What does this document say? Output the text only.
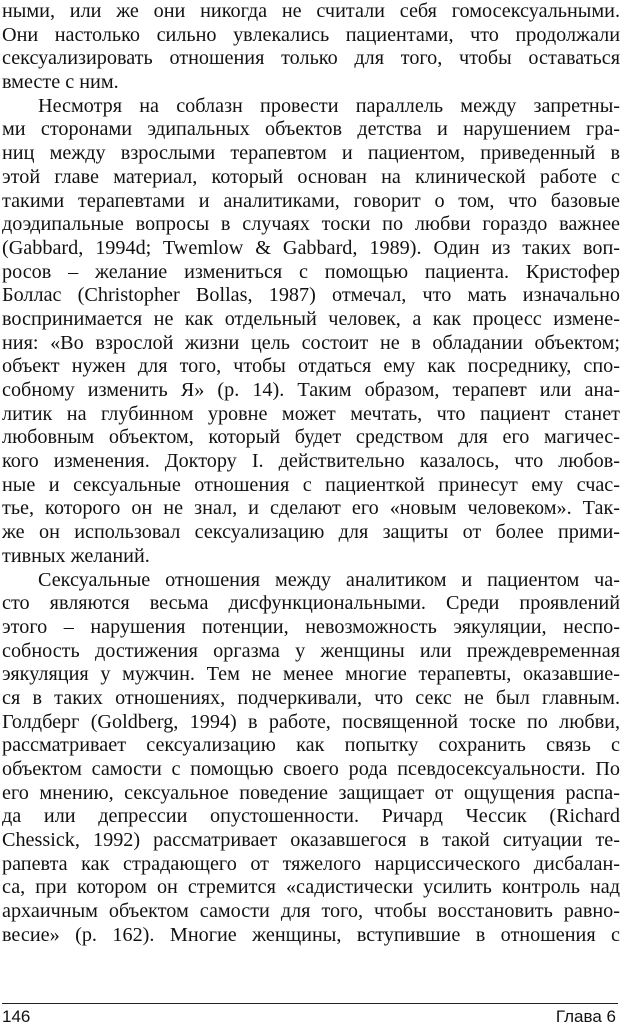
ными, или же они никогда не считали себя гомосексуальными.
Они настолько сильно увлекались пациентами, что продолжали
сексуализировать отношения только для того, чтобы оставаться
вместе с ним.
Несмотря на соблазн провести параллель между запретны-
ми сторонами эдипальных объектов детства и нарушением гра-
ниц между взрослыми терапевтом и пациентом, приведенный в
этой главе материал, который основан на клинической работе с
такими терапевтами и аналитиками, говорит о том, что базовые
доэдипальные вопросы в случаях тоски по любви гораздо важнее
(Gabbard, 1994d; Twemlow & Gabbard, 1989). Один из таких воп-
росов – желание измениться с помощью пациента. Кристофер
Боллас (Christopher Bollas, 1987) отмечал, что мать изначально
воспринимается не как отдельный человек, а как процесс измене-
ния: «Во взрослой жизни цель состоит не в обладании объектом;
объект нужен для того, чтобы отдаться ему как посреднику, спо-
собному изменить Я» (р. 14). Таким образом, терапевт или ана-
литик на глубинном уровне может мечтать, что пациент станет
любовным объектом, который будет средством для его магичес-
кого изменения. Доктору I. действительно казалось, что любов-
ные и сексуальные отношения с пациенткой принесут ему счас-
тье, которого он не знал, и сделают его «новым человеком». Так-
же он использовал сексуализацию для защиты от более прими-
тивных желаний.
Сексуальные отношения между аналитиком и пациентом ча-
сто являются весьма дисфункциональными. Среди проявлений
этого – нарушения потенции, невозможность эякуляции, неспо-
собность достижения оргазма у женщины или преждевременная
эякуляция у мужчин. Тем не менее многие терапевты, оказавшие-
ся в таких отношениях, подчеркивали, что секс не был главным.
Голдберг (Goldberg, 1994) в работе, посвященной тоске по любви,
рассматривает сексуализацию как попытку сохранить связь с
объектом самости с помощью своего рода псевдосексуальности. По
его мнению, сексуальное поведение защищает от ощущения распа-
да или депрессии опустошенности. Ричард Чессик (Richard
Chessick, 1992) рассматривает оказавшегося в такой ситуации те-
рапевта как страдающего от тяжелого нарциссического дисбалан-
са, при котором он стремится «садистически усилить контроль над
архаичным объектом самости для того, чтобы восстановить равно-
весие» (р. 162). Многие женщины, вступившие в отношения с
146	Глава 6
